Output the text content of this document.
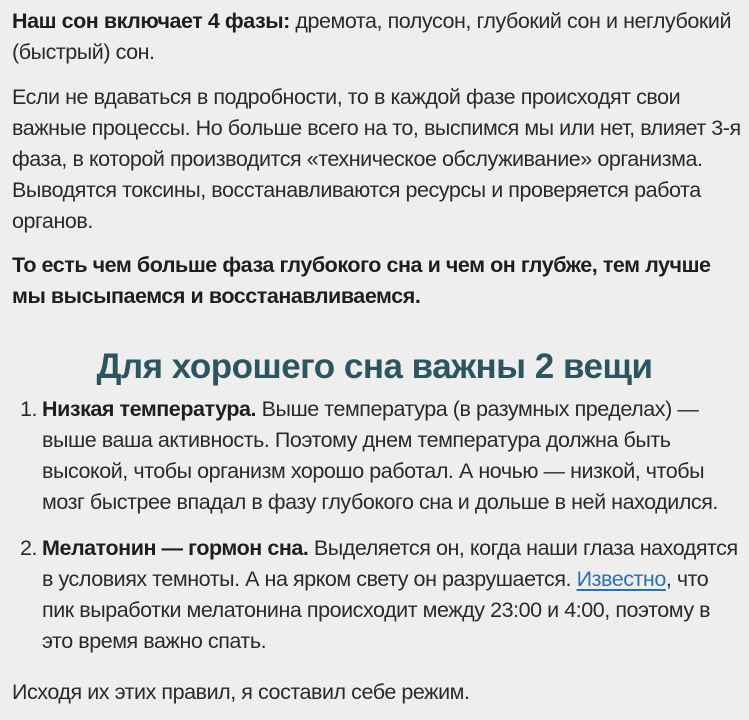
Наш сон включает 4 фазы: дремота, полусон, глубокий сон и неглубокий (быстрый) сон.

Если не вдаваться в подробности, то в каждой фазе происходят свои важные процессы. Но больше всего на то, выспимся мы или нет, влияет 3-я фаза, в которой производится «техническое обслуживание» организма. Выводятся токсины, восстанавливаются ресурсы и проверяется работа органов.

То есть чем больше фаза глубокого сна и чем он глубже, тем лучше мы высыпаемся и восстанавливаемся.

Для хорошего сна важны 2 вещи
1. Низкая температура. Выше температура (в разумных пределах) — выше ваша активность. Поэтому днем температура должна быть высокой, чтобы организм хорошо работал. А ночью — низкой, чтобы мозг быстрее впадал в фазу глубокого сна и дольше в ней находился.
2. Мелатонин — гормон сна. Выделяется он, когда наши глаза находятся в условиях темноты. А на ярком свету он разрушается. Известно, что пик выработки мелатонина происходит между 23:00 и 4:00, поэтому в это время важно спать.

Исходя их этих правил, я составил себе режим.
